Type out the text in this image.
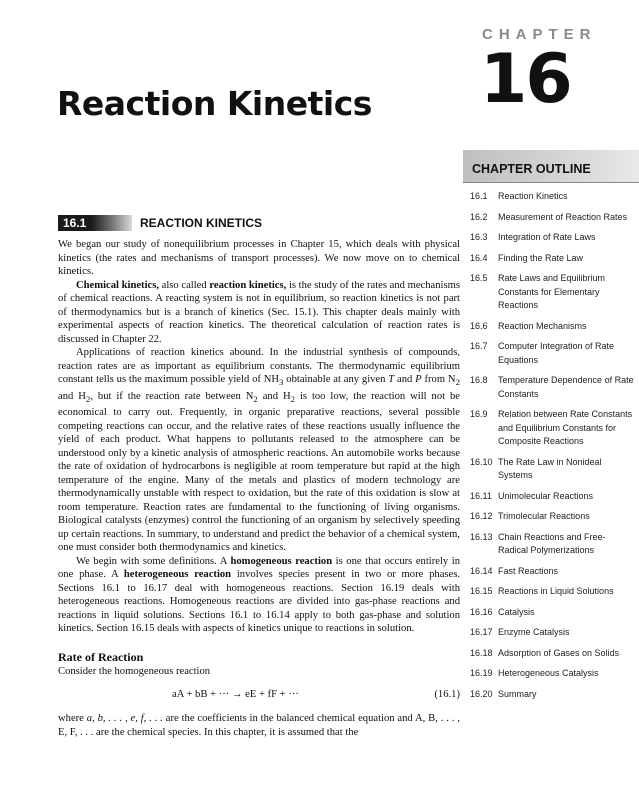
CHAPTER
16
Reaction Kinetics
CHAPTER OUTLINE
16.1	Reaction Kinetics
16.2	Measurement of Reaction Rates
16.3	Integration of Rate Laws
16.4	Finding the Rate Law
16.5	Rate Laws and Equilibrium Constants for Elementary Reactions
16.6	Reaction Mechanisms
16.7	Computer Integration of Rate Equations
16.8	Temperature Dependence of Rate Constants
16.9	Relation between Rate Constants and Equilibrium Constants for Composite Reactions
16.10 The Rate Law in Nonideal Systems
16.11 Unimolecular Reactions
16.12 Trimolecular Reactions
16.13 Chain Reactions and Free-Radical Polymerizations
16.14 Fast Reactions
16.15 Reactions in Liquid Solutions
16.16 Catalysis
16.17 Enzyme Catalysis
16.18 Adsorption of Gases on Solids
16.19 Heterogeneous Catalysis
16.20 Summary
16.1	REACTION KINETICS

We began our study of nonequilibrium processes in Chapter 15, which deals with physical kinetics (the rates and mechanisms of transport processes). We now move on to chemical kinetics.

Chemical kinetics, also called reaction kinetics, is the study of the rates and mechanisms of chemical reactions. A reacting system is not in equilibrium, so reaction kinetics is not part of thermodynamics but is a branch of kinetics (Sec. 15.1). This chapter deals mainly with experimental aspects of reaction kinetics. The theoretical calculation of reaction rates is discussed in Chapter 22.

Applications of reaction kinetics abound. In the industrial synthesis of compounds, reaction rates are as important as equilibrium constants. The thermodynamic equilibrium constant tells us the maximum possible yield of $NH_3$ obtainable at any given T and P from $N_2$ and $H_2$, but if the reaction rate between $N_2$ and $H_2$ is too low, the reaction will not be economical to carry out. Frequently, in organic preparative reactions, several possible competing reactions can occur, and the relative rates of these reactions usually influence the yield of each product. What happens to pollutants released to the atmosphere can be understood only by a kinetic analysis of atmospheric reactions. An automobile works because the rate of oxidation of hydrocarbons is negligible at room temperature but rapid at the high temperature of the engine. Many of the metals and plastics of modern technology are thermodynamically unstable with respect to oxidation, but the rate of this oxidation is slow at room temperature. Reaction rates are fundamental to the functioning of living organisms. Biological catalysts (enzymes) control the functioning of an organism by selectively speeding up certain reactions. In summary, to understand and predict the behavior of a chemical system, one must consider both thermodynamics and kinetics.

We begin with some definitions. A homogeneous reaction is one that occurs entirely in one phase. A heterogeneous reaction involves species present in two or more phases. Sections 16.1 to 16.17 deal with homogeneous reactions. Section 16.19 deals with heterogeneous reactions. Homogeneous reactions are divided into gas-phase reactions and reactions in liquid solutions. Sections 16.1 to 16.14 apply to both gas-phase and solution kinetics. Section 16.15 deals with aspects of kinetics unique to reactions in solution.

Rate of Reaction

Consider the homogeneous reaction

aA + bB + ··· → eE + fF + ···	(16.1)

where a, b, . . . , e, f, . . . are the coefficients in the balanced chemical equation and A, B, . . . , E, F, . . . are the chemical species. In this chapter, it is assumed that the
